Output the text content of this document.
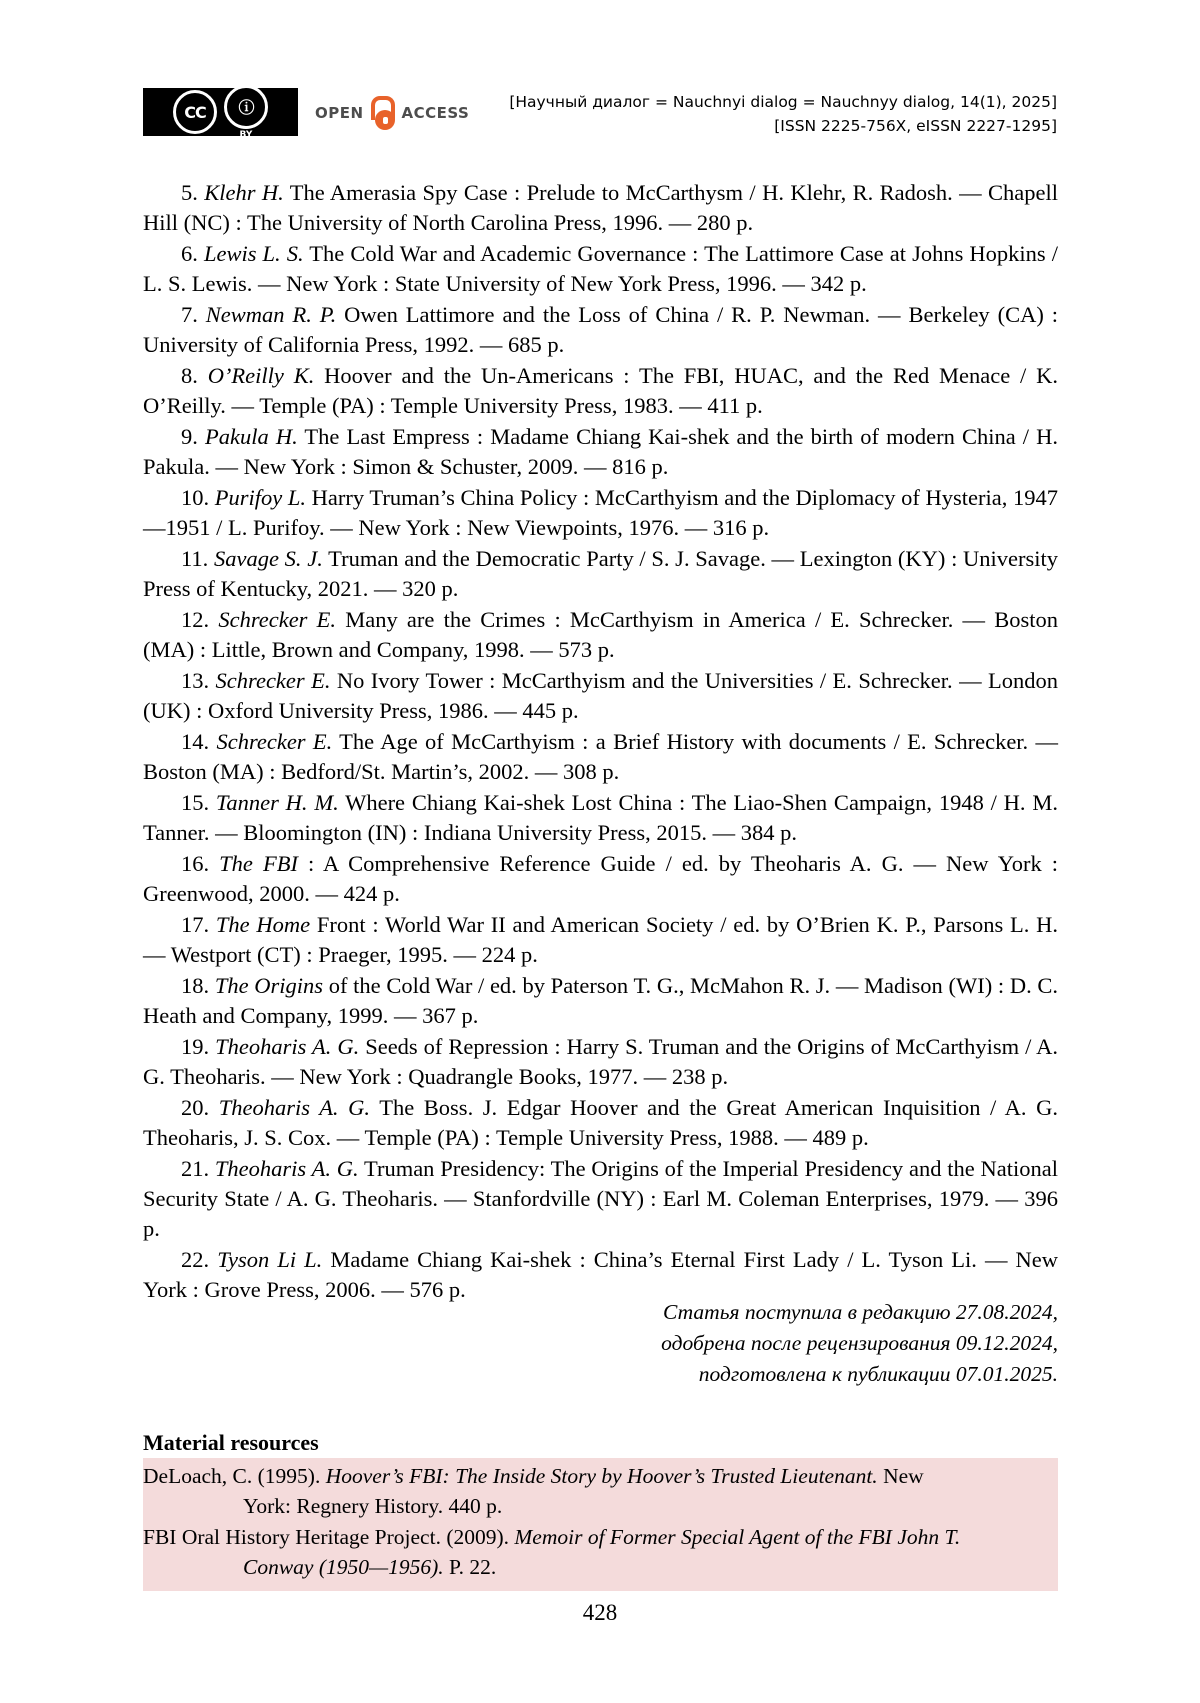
CC	ⓘ
BY
OPEN	ACCESS
[Научный диалог = Nauchnyi dialog = Nauchnyy dialog, 14(1), 2025]
[ISSN 2225-756X, eISSN 2227-1295]

5. Klehr H. The Amerasia Spy Case : Prelude to McCarthysm / H. Klehr, R. Radosh. — Chapell Hill (NC) : The University of North Carolina Press, 1996. — 280 p.

6. Lewis L. S. The Cold War and Academic Governance : The Lattimore Case at Johns Hopkins / L. S. Lewis. — New York : State University of New York Press, 1996. — 342 p.

7. Newman R. P. Owen Lattimore and the Loss of China / R. P. Newman. — Berkeley (CA) : University of California Press, 1992. — 685 p.

8. O’Reilly K. Hoover and the Un-Americans : The FBI, HUAC, and the Red Menace / K. O’Reilly. — Temple (PA) : Temple University Press, 1983. — 411 p.

9. Pakula H. The Last Empress : Madame Chiang Kai-shek and the birth of modern China / H. Pakula. — New York : Simon & Schuster, 2009. — 816 p.

10. Purifoy L. Harry Truman’s China Policy : McCarthyism and the Diplomacy of Hysteria, 1947—1951 / L. Purifoy. — New York : New Viewpoints, 1976. — 316 p.

11. Savage S. J. Truman and the Democratic Party / S. J. Savage. — Lexington (KY) : University Press of Kentucky, 2021. — 320 p.

12. Schrecker E. Many are the Crimes : McCarthyism in America / E. Schrecker. — Boston (MA) : Little, Brown and Company, 1998. — 573 p.

13. Schrecker E. No Ivory Tower : McCarthyism and the Universities / E. Schrecker. — London (UK) : Oxford University Press, 1986. — 445 p.

14. Schrecker E. The Age of McCarthyism : a Brief History with documents / E. Schrecker. — Boston (MA) : Bedford/St. Martin’s, 2002. — 308 p.

15. Tanner H. M. Where Chiang Kai-shek Lost China : The Liao-Shen Campaign, 1948 / H. M. Tanner. — Bloomington (IN) : Indiana University Press, 2015. — 384 p.

16. The FBI : A Comprehensive Reference Guide / ed. by Theoharis A. G. — New York : Greenwood, 2000. — 424 p.

17. The Home Front : World War II and American Society / ed. by O’Brien K. P., Parsons L. H. — Westport (CT) : Praeger, 1995. — 224 p.

18. The Origins of the Cold War / ed. by Paterson T. G., McMahon R. J. — Madison (WI) : D. C. Heath and Company, 1999. — 367 p.

19. Theoharis A. G. Seeds of Repression : Harry S. Truman and the Origins of McCarthyism / A. G. Theoharis. — New York : Quadrangle Books, 1977. — 238 p.

20. Theoharis A. G. The Boss. J. Edgar Hoover and the Great American Inquisition / A. G. Theoharis, J. S. Cox. — Temple (PA) : Temple University Press, 1988. — 489 p.

21. Theoharis A. G. Truman Presidency: The Origins of the Imperial Presidency and the National Security State / A. G. Theoharis. — Stanfordville (NY) : Earl M. Coleman Enterprises, 1979. — 396 p.

22. Tyson Li L. Madame Chiang Kai-shek : China’s Eternal First Lady / L. Tyson Li. — New York : Grove Press, 2006. — 576 p.

Статья поступила в редакцию 27.08.2024,
одобрена после рецензирования 09.12.2024,
подготовлена к публикации 07.01.2025.
Material resources
DeLoach, C. (1995). Hoover’s FBI: The Inside Story by Hoover’s Trusted Lieutenant. New
York: Regnery History. 440 p.
FBI Oral History Heritage Project. (2009). Memoir of Former Special Agent of the FBI John T.
Conway (1950—1956). P. 22.
428
